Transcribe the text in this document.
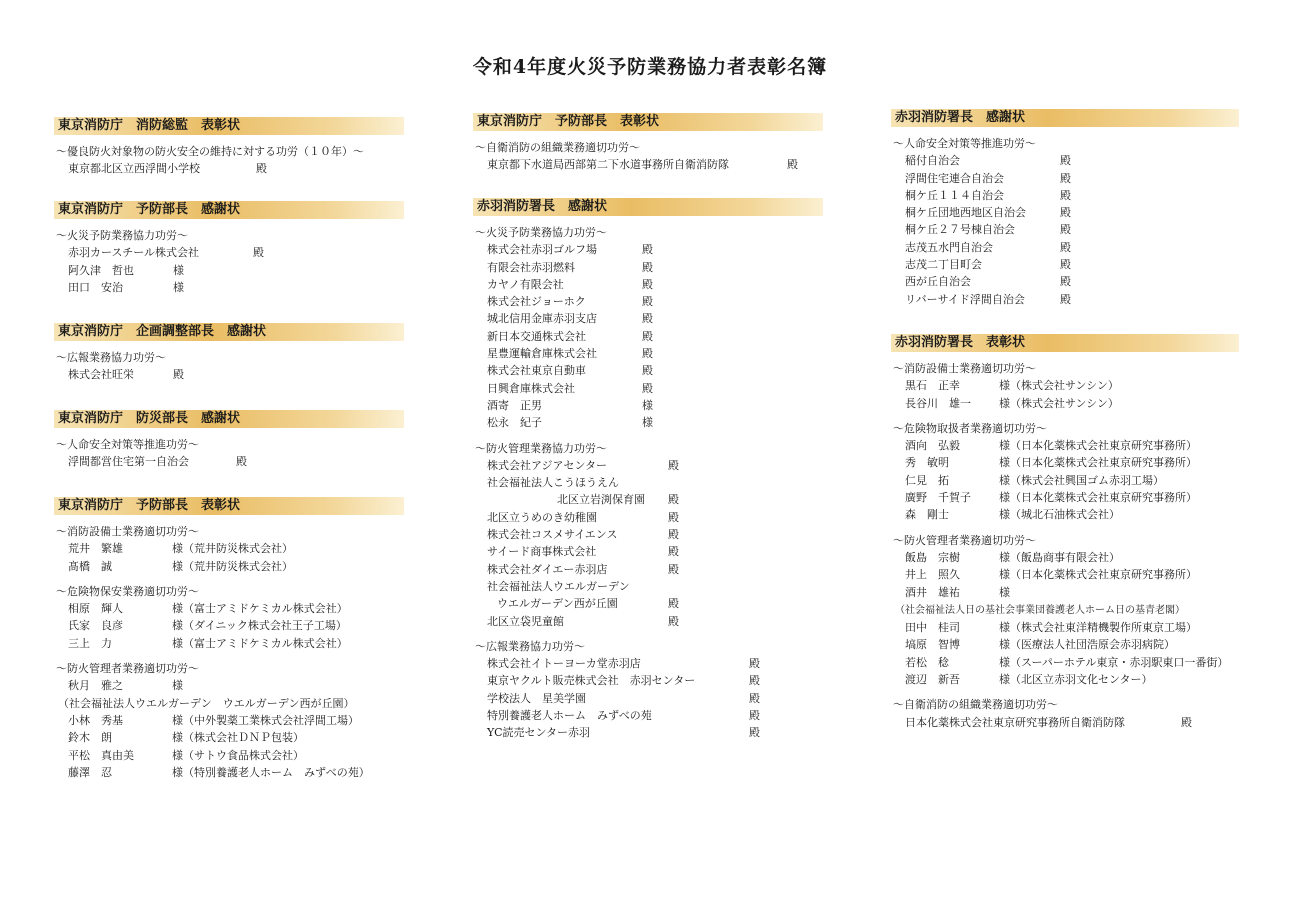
令和4年度火災予防業務協力者表彰名簿
東京消防庁　消防総監　表彰状
～優良防火対象物の防火安全の維持に対する功労（１０年）～
東京都北区立西浮間小学校	殿
東京消防庁　予防部長　感謝状
～火災予防業務協力功労～
赤羽カースチール株式会社	殿
阿久津　哲也	様
田口　安治	様
東京消防庁　企画調整部長　感謝状
～広報業務協力功労～
株式会社旺栄	殿
東京消防庁　防災部長　感謝状
～人命安全対策等推進功労～
浮間都営住宅第一自治会	殿
東京消防庁　予防部長　表彰状
～消防設備士業務適切功労～
荒井　繁雄	様（荒井防災株式会社）
髙橋　誠	様（荒井防災株式会社）
～危険物保安業務適切功労～
相原　輝人	様（富士アミドケミカル株式会社）
氏家　良彦	様（ダイニック株式会社王子工場）
三上　力	様（富士アミドケミカル株式会社）
～防火管理者業務適切功労～
秋月　雅之	様
（社会福祉法人ウエルガーデン　ウエルガーデン西が丘園）
小林　秀基	様（中外製薬工業株式会社浮間工場）
鈴木　朗	様（株式会社ＤＮＰ包装）
平松　真由美	様（サトウ食品株式会社）
藤澤　忍	様（特別養護老人ホーム　みずべの苑）
東京消防庁　予防部長　表彰状
～自衛消防の組織業務適切功労～
東京都下水道局西部第二下水道事務所自衛消防隊	殿
赤羽消防署長　感謝状
～火災予防業務協力功労～
株式会社赤羽ゴルフ場	殿
有限会社赤羽燃料	殿
カヤノ有限会社	殿
株式会社ジョーホク	殿
城北信用金庫赤羽支店	殿
新日本交通株式会社	殿
星豊運輸倉庫株式会社	殿
株式会社東京自動車	殿
日興倉庫株式会社	殿
酒寄　正男	様
松永　紀子	様
～防火管理業務協力功労～
株式会社アジアセンター	殿
社会福祉法人こうほうえん
北区立岩渕保育園 殿
北区立うめのき幼稚園	殿
株式会社コスメサイエンス	殿
サイード商事株式会社	殿
株式会社ダイエー赤羽店	殿
社会福祉法人ウエルガーデン
ウエルガーデン西が丘園	殿
北区立袋児童館	殿
～広報業務協力功労～
株式会社イトーヨーカ堂赤羽店	殿
東京ヤクルト販売株式会社　赤羽センター	殿
学校法人　星美学園	殿
特別養護老人ホーム　みずべの苑	殿
YC読売センター赤羽	殿
赤羽消防署長　感謝状
～人命安全対策等推進功労～
稲付自治会	殿
浮間住宅連合自治会	殿
桐ケ丘１１４自治会	殿
桐ケ丘団地西地区自治会	殿
桐ケ丘２７号棟自治会	殿
志茂五水門自治会	殿
志茂二丁目町会	殿
西が丘自治会	殿
リバーサイド浮間自治会	殿
赤羽消防署長　表彰状
～消防設備士業務適切功労～
黒石　正幸	様（株式会社サンシン）
長谷川　雄一	様（株式会社サンシン）
～危険物取扱者業務適切功労～
酒向　弘毅	様（日本化薬株式会社東京研究事務所）
秀　敏明	様（日本化薬株式会社東京研究事務所）
仁見　拓	様（株式会社興国ゴム赤羽工場）
廣野　千賀子	様（日本化薬株式会社東京研究事務所）
森　剛士	様（城北石油株式会社）
～防火管理者業務適切功労～
飯島　宗樹	様（飯島商事有限会社）
井上　照久	様（日本化薬株式会社東京研究事務所）
酒井　雄祐	様
（社会福祉法人日の基社会事業団養護老人ホーム日の基青老閣）
田中　桂司	様（株式会社東洋精機製作所東京工場）
塙原　智博	様（医療法人社団浩原会赤羽病院）
若松　稔	様（スーパーホテル東京・赤羽駅東口一番街）
渡辺　新吾	様（北区立赤羽文化センター）
～自衛消防の組織業務適切功労～
日本化薬株式会社東京研究事務所自衛消防隊	殿
